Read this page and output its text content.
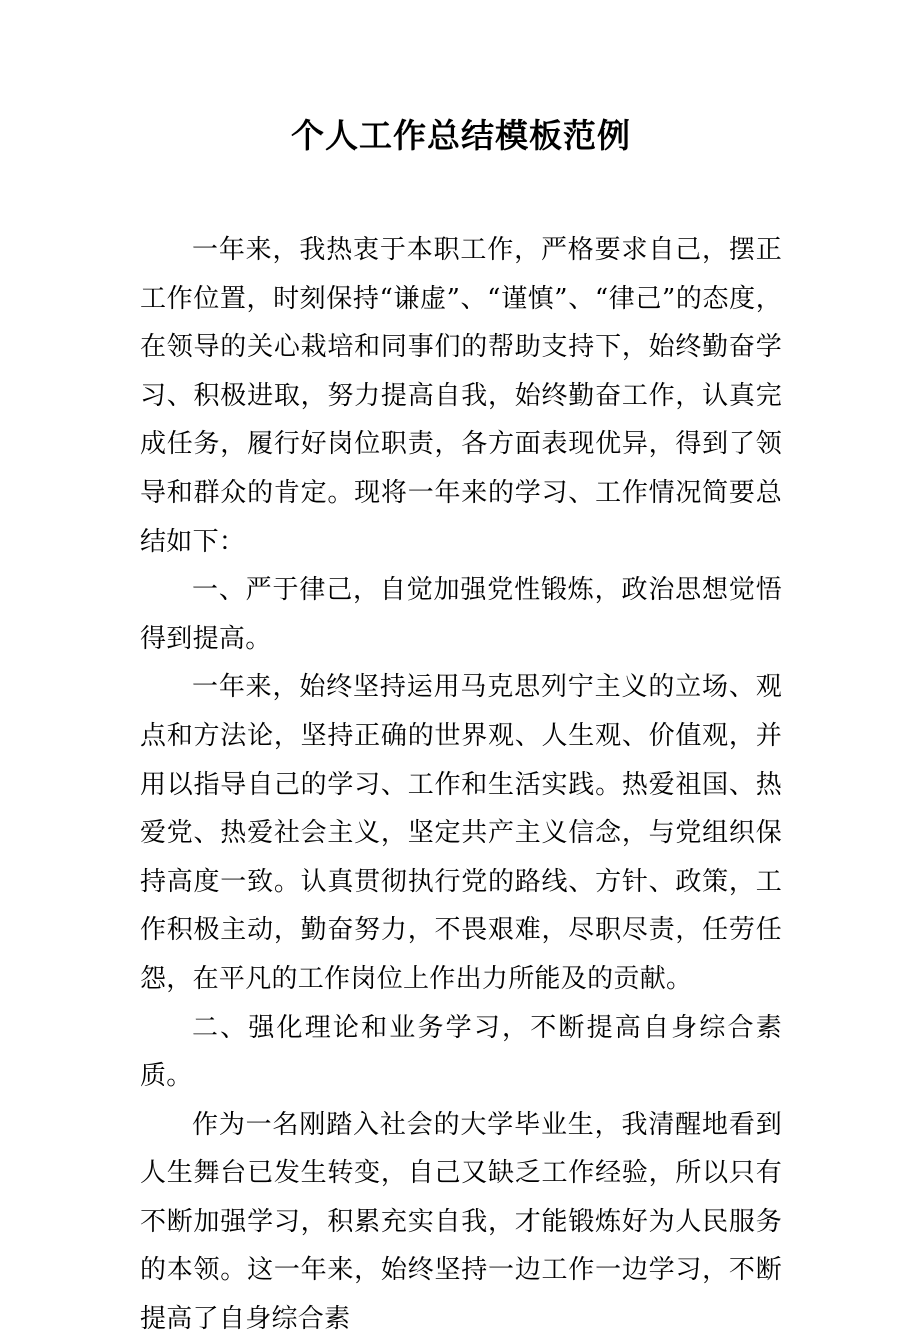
个人工作总结模板范例

一年来，我热衷于本职工作，严格要求自己，摆正工作位置，时刻保持“谦虚”、“谨慎”、“律己”的态度，在领导的关心栽培和同事们的帮助支持下，始终勤奋学习、积极进取，努力提高自我，始终勤奋工作，认真完成任务，履行好岗位职责，各方面表现优异，得到了领导和群众的肯定。现将一年来的学习、工作情况简要总结如下：

一、严于律己，自觉加强党性锻炼，政治思想觉悟得到提高。

一年来，始终坚持运用马克思列宁主义的立场、观点和方法论，坚持正确的世界观、人生观、价值观，并用以指导自己的学习、工作和生活实践。热爱祖国、热爱党、热爱社会主义，坚定共产主义信念，与党组织保持高度一致。认真贯彻执行党的路线、方针、政策，工作积极主动，勤奋努力，不畏艰难，尽职尽责，任劳任怨，在平凡的工作岗位上作出力所能及的贡献。

二、强化理论和业务学习，不断提高自身综合素质。

作为一名刚踏入社会的大学毕业生，我清醒地看到人生舞台已发生转变，自己又缺乏工作经验，所以只有不断加强学习，积累充实自我，才能锻炼好为人民服务的本领。这一年来，始终坚持一边工作一边学习，不断提高了自身综合素
